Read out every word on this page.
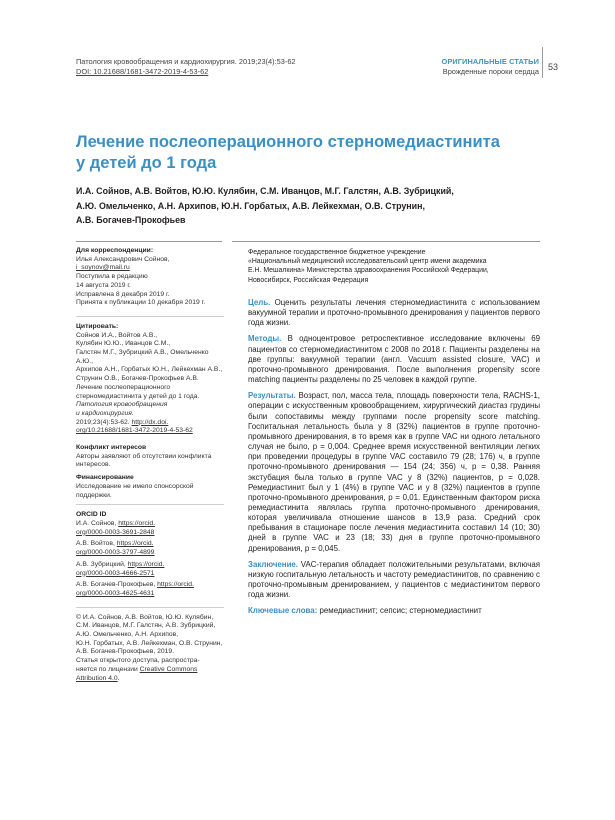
Патология кровообращения и кардиохирургия. 2019;23(4):53-62
DOI: 10.21688/1681-3472-2019-4-53-62
ОРИГИНАЛЬНЫЕ СТАТЬИ
Врожденные пороки сердца 53
Лечение послеоперационного стерномедиастинита
у детей до 1 года
И.А. Сойнов, А.В. Войтов, Ю.Ю. Кулябин, С.М. Иванцов, М.Г. Галстян, А.В. Зубрицкий,
А.Ю. Омельченко, А.Н. Архипов, Ю.Н. Горбатых, А.В. Лейкехман, О.В. Струнин,
А.В. Богачев-Прокофьев
Для корреспонденции:
Илья Александрович Сойнов,
i_soynov@mail.ru
Поступила в редакцию
14 августа 2019 г.
Исправлена 8 декабря 2019 г.
Принята к публикации 10 декабря 2019 г.
Цитировать:
Сойнов И.А., Войтов А.В.,
Кулябин Ю.Ю., Иванцов С.М.,
Галстян М.Г., Зубрицкий А.В., Омельченко А.Ю.,
Архипов А.Н., Горбатых Ю.Н., Лейкехман А.В.,
Струнин О.В., Богачев-Прокофьев А.В.
Лечение послеоперационного
стерномедиастинита у детей до 1 года.
Патология кровообращения
и кардиохирургия.
2019;23(4):53-62. http://dx.doi.
org/10.21688/1681-3472-2019-4-53-62
Конфликт интересов
Авторы заявляют об отсутствии конфликта
интересов.
Финансирование
Исследование не имело спонсорской
поддержки.
ORCID ID
И.А. Сойнов, https://orcid.
org/0000-0003-3691-2848
А.В. Войтов, https://orcid.
org/0000-0003-3797-4899
А.В. Зубрицкий, https://orcid.
org/0000-0003-4666-2571
А.В. Богачев-Прокофьев, https://orcid.
org/0000-0003-4625-4631
© И.А. Сойнов, А.В. Войтов, Ю.Ю. Кулябин,
С.М. Иванцов, М.Г. Галстян, А.В. Зубрицкий,
А.Ю. Омельченко, А.Н. Архипов,
Ю.Н. Горбатых, А.В. Лейкехман, О.В. Струнин,
А.В. Богачев-Прокофьев, 2019.
Статья открытого доступа, распростра-
няется по лицензии Creative Commons
Attribution 4.0.
Федеральное государственное бюджетное учреждение
«Национальный медицинский исследовательский центр имени академика
Е.Н. Мешалкина» Министерства здравоохранения Российской Федерации,
Новосибирск, Российская Федерация

Цель. Оценить результаты лечения стерномедиастинита с использованием вакуумной терапии и проточно-промывного дренирования у пациентов первого года жизни.

Методы. В одноцентровое ретроспективное исследование включены 69 пациентов со стерномедиастинитом с 2008 по 2018 г. Пациенты разделены на две группы: вакуумной терапии (англ. Vacuum assisted closure, VAC) и проточно-промывного дренирования. После выполнения propensity score matching пациенты разделены по 25 человек в каждой группе.

Результаты. Возраст, пол, масса тела, площадь поверхности тела, RACHS-1, операции с искусственным кровообращением, хирургический диастаз грудины были сопоставимы между группами после propensity score matching. Госпитальная летальность была у 8 (32%) пациентов в группе проточно-промывного дренирования, в то время как в группе VAC ни одного летального случая не было, p = 0,004. Среднее время искусственной вентиляции легких при проведении процедуры в группе VAC составило 79 (28; 176) ч, в группе проточно-промывного дренирования — 154 (24; 356) ч, p = 0,38. Ранняя экстубация была только в группе VAC у 8 (32%) пациентов, p = 0,028. Ремедиастинит был у 1 (4%) в группе VAC и у 8 (32%) пациентов в группе проточно-промывного дренирования, p = 0,01. Единственным фактором риска ремедиастинита являлась группа проточно-промывного дренирования, которая увеличивала отношение шансов в 13,9 раза. Средний срок пребывания в стационаре после лечения медиастинита составил 14 (10; 30) дней в группе VAC и 23 (18; 33) дня в группе проточно-промывного дренирования, p = 0,045.

Заключение. VAC-терапия обладает положительными результатами, включая низкую госпитальную летальность и частоту ремедиастинитов, по сравнению с проточно-промывным дренированием, у пациентов с медиастинитом первого года жизни.

Ключевые слова: ремедиастинит; сепсис; стерномедиастинит
